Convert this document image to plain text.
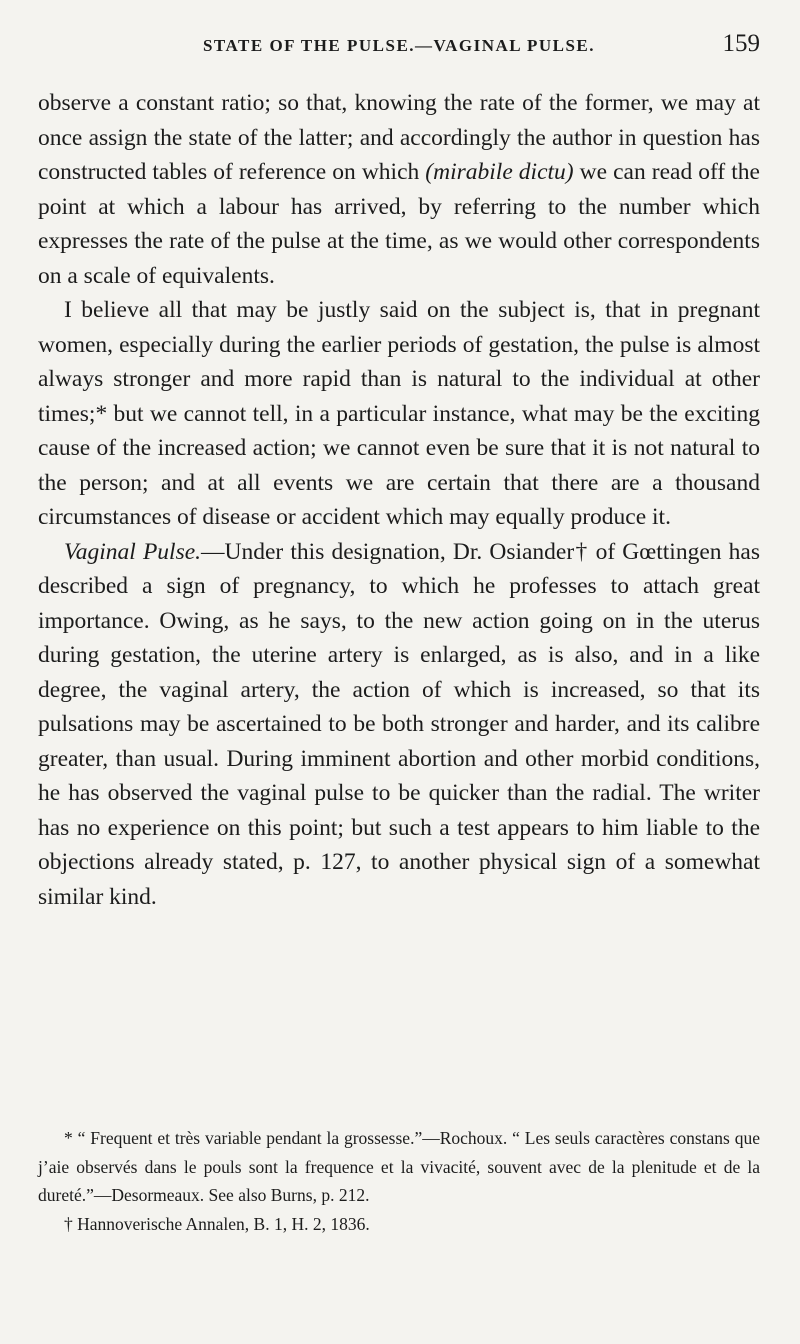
STATE OF THE PULSE.—VAGINAL PULSE.	159

observe a constant ratio; so that, knowing the rate of the former, we may at once assign the state of the latter; and accordingly the author in question has constructed tables of reference on which (mirabile dictu) we can read off the point at which a labour has arrived, by referring to the number which expresses the rate of the pulse at the time, as we would other correspondents on a scale of equivalents.

I believe all that may be justly said on the subject is, that in pregnant women, especially during the earlier periods of gestation, the pulse is almost always stronger and more rapid than is natural to the individual at other times;* but we cannot tell, in a particular instance, what may be the exciting cause of the increased action; we cannot even be sure that it is not natural to the person; and at all events we are certain that there are a thousand circumstances of disease or accident which may equally produce it.

Vaginal Pulse.—Under this designation, Dr. Osiander† of Gœttingen has described a sign of pregnancy, to which he professes to attach great importance. Owing, as he says, to the new action going on in the uterus during gestation, the uterine artery is enlarged, as is also, and in a like degree, the vaginal artery, the action of which is increased, so that its pulsations may be ascertained to be both stronger and harder, and its calibre greater, than usual. During imminent abortion and other morbid conditions, he has observed the vaginal pulse to be quicker than the radial. The writer has no experience on this point; but such a test appears to him liable to the objections already stated, p. 127, to another physical sign of a somewhat similar kind.

* “ Frequent et très variable pendant la grossesse.”—Rochoux. “ Les seuls caractères constans que j’aie observés dans le pouls sont la frequence et la vivacité, souvent avec de la plenitude et de la dureté.”—Desormeaux. See also Burns, p. 212.

† Hannoverische Annalen, B. 1, H. 2, 1836.
